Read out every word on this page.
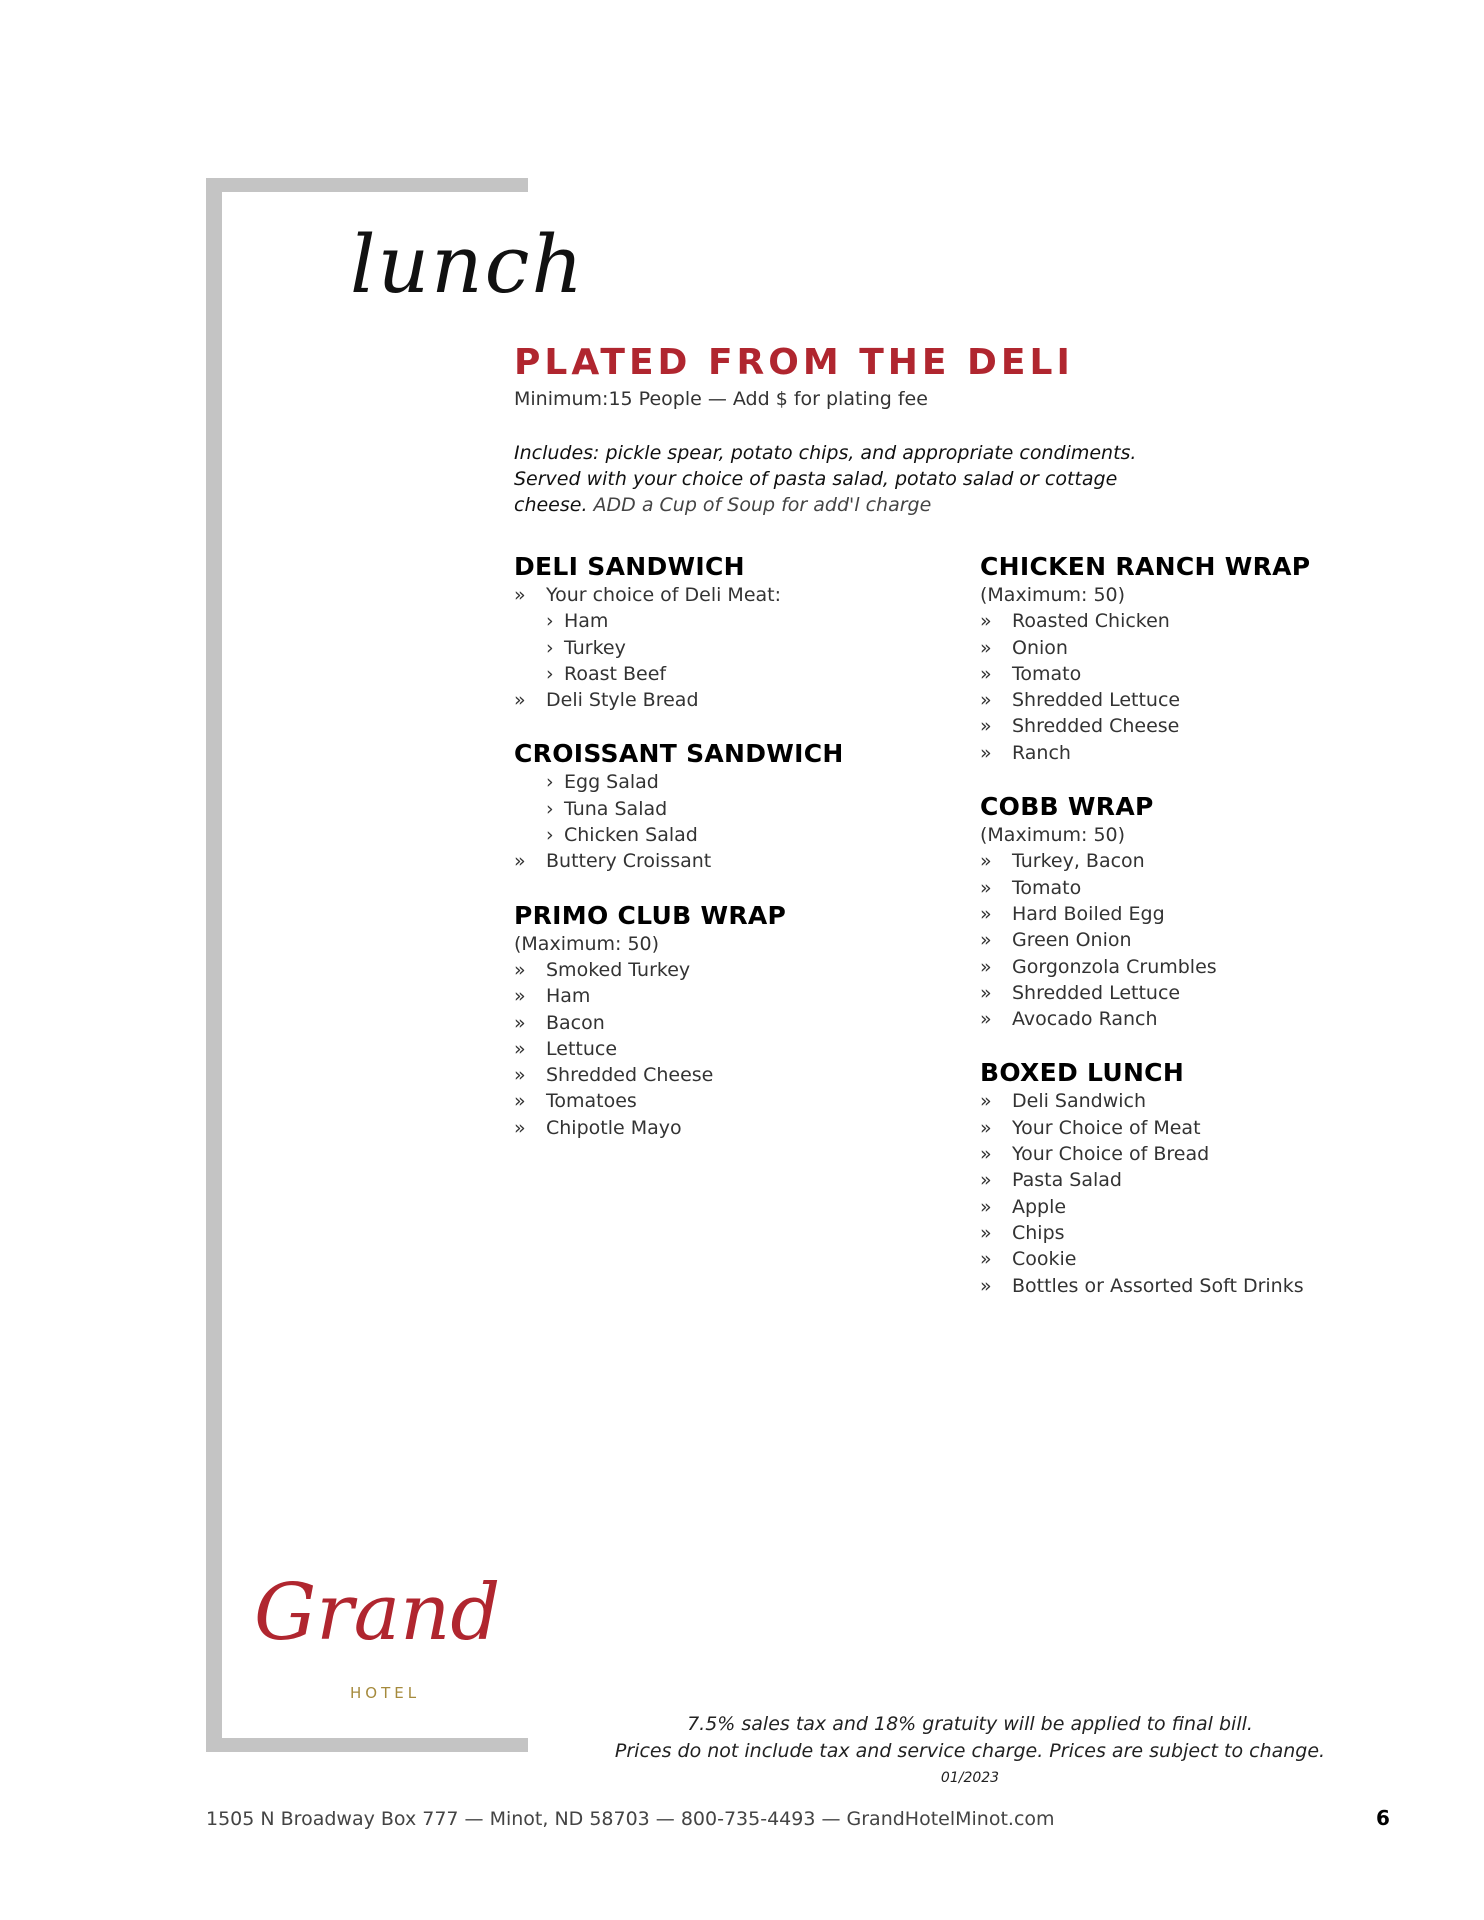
lunch
PLATED FROM THE DELI
Minimum:15 People — Add $ for plating fee
Includes: pickle spear, potato chips, and appropriate condiments. Served with your choice of pasta salad, potato salad or cottage cheese. ADD a Cup of Soup for add'l charge
DELI SANDWICH
» Your choice of Deli Meat:
› Ham
› Turkey
› Roast Beef
» Deli Style Bread
CROISSANT SANDWICH
› Egg Salad
› Tuna Salad
› Chicken Salad
» Buttery Croissant
PRIMO CLUB WRAP
(Maximum: 50)
» Smoked Turkey
» Ham
» Bacon
» Lettuce
» Shredded Cheese
» Tomatoes
» Chipotle Mayo
CHICKEN RANCH WRAP
(Maximum: 50)
» Roasted Chicken
» Onion
» Tomato
» Shredded Lettuce
» Shredded Cheese
» Ranch
COBB WRAP
(Maximum: 50)
» Turkey, Bacon
» Tomato
» Hard Boiled Egg
» Green Onion
» Gorgonzola Crumbles
» Shredded Lettuce
» Avocado Ranch
BOXED LUNCH
» Deli Sandwich
» Your Choice of Meat
» Your Choice of Bread
» Pasta Salad
» Apple
» Chips
» Cookie
» Bottles or Assorted Soft Drinks
Grand
HOTEL
7.5% sales tax and 18% gratuity will be applied to final bill.
Prices do not include tax and service charge. Prices are subject to change.
01/2023
1505 N Broadway Box 777 — Minot, ND 58703 — 800-735-4493 — GrandHotelMinot.com	6
